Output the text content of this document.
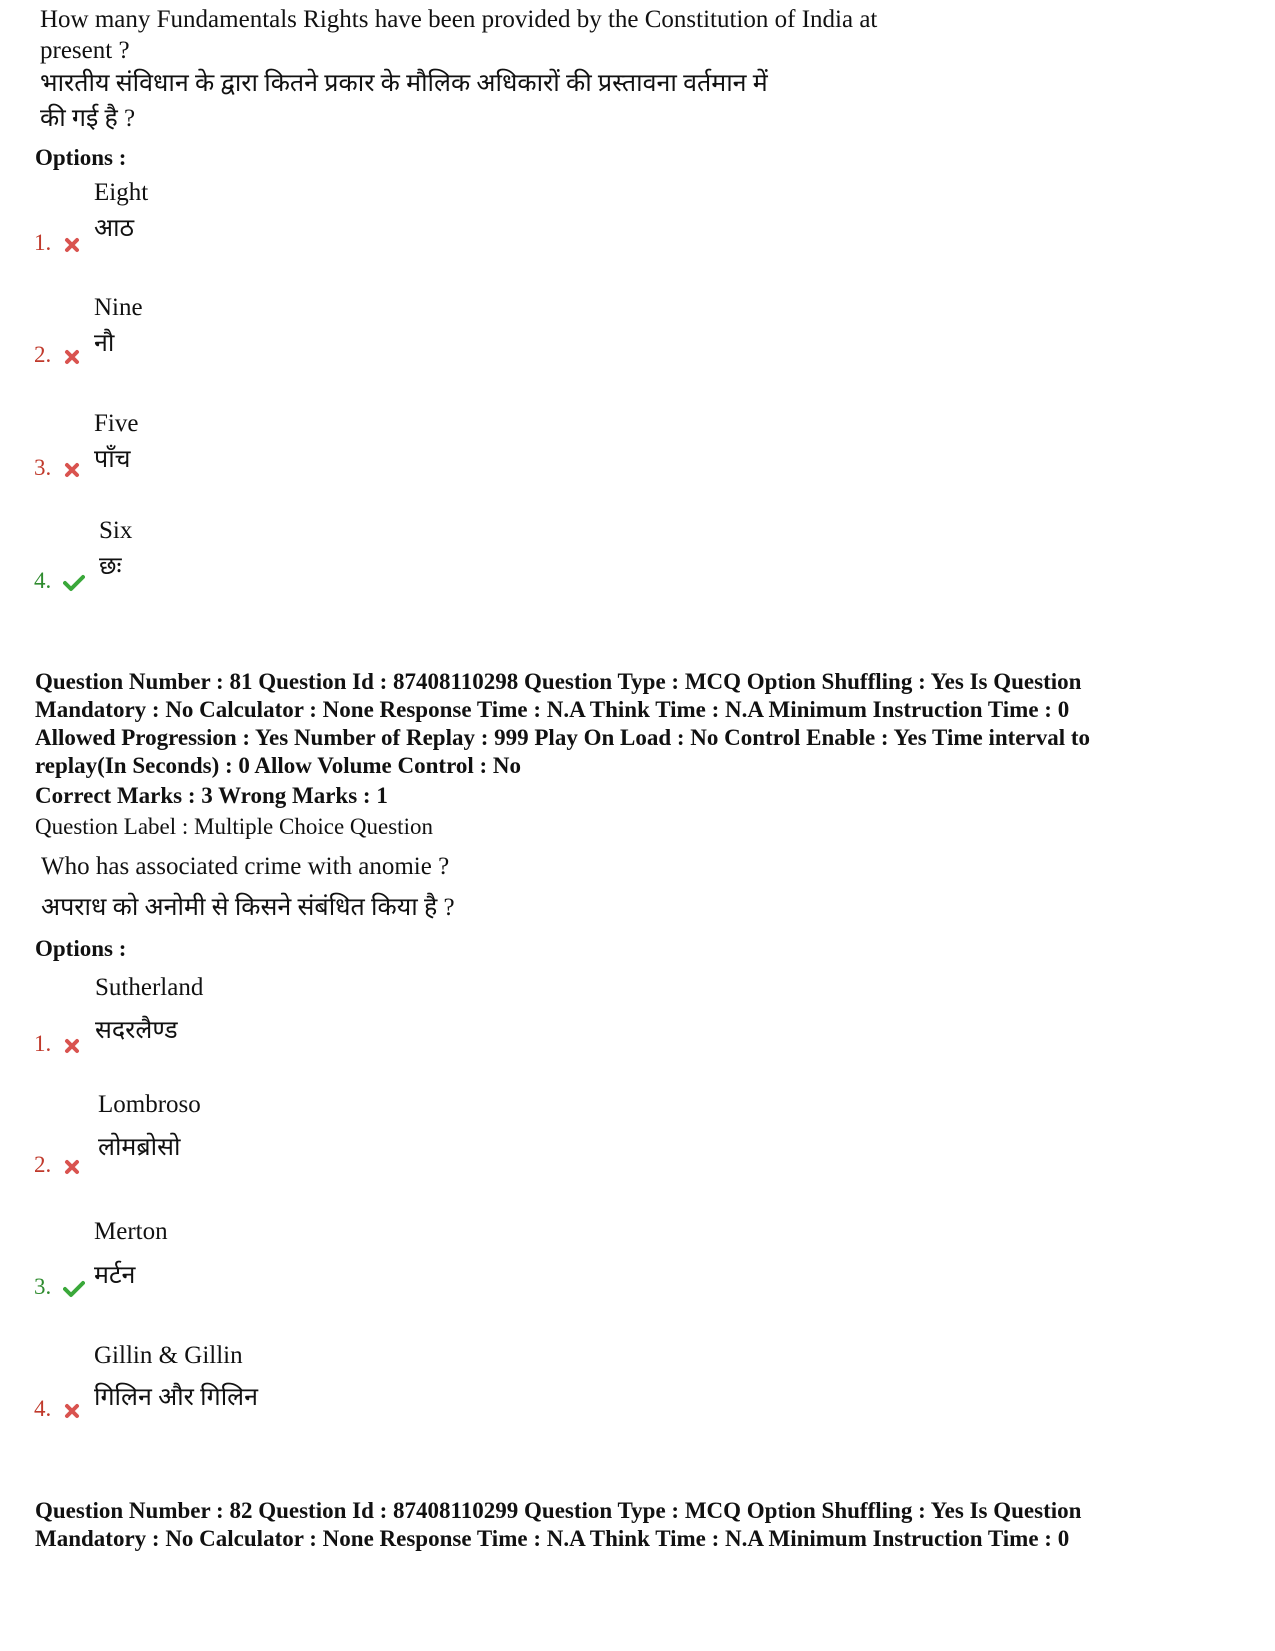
How many Fundamentals Rights have been provided by the Constitution of India at
present ?
भारतीय संविधान के द्वारा कितने प्रकार के मौलिक अधिकारों की प्रस्तावना वर्तमान में
की गई है ?
Options :
Eight
आठ
1.
Nine
नौ
2.
Five
पाँच
3.
Six
छः
4.
Question Number : 81 Question Id : 87408110298 Question Type : MCQ Option Shuffling : Yes Is Question
Mandatory : No Calculator : None Response Time : N.A Think Time : N.A Minimum Instruction Time : 0
Allowed Progression : Yes Number of Replay : 999 Play On Load : No Control Enable : Yes Time interval to
replay(In Seconds) : 0 Allow Volume Control : No
Correct Marks : 3 Wrong Marks : 1
Question Label : Multiple Choice Question
Who has associated crime with anomie ?
अपराध को अनोमी से किसने संबंधित किया है ?
Options :
Sutherland
सदरलैण्ड
1.
Lombroso
लोमब्रोसो
2.
Merton
मर्टन
3.
Gillin & Gillin
गिलिन और गिलिन
4.
Question Number : 82 Question Id : 87408110299 Question Type : MCQ Option Shuffling : Yes Is Question
Mandatory : No Calculator : None Response Time : N.A Think Time : N.A Minimum Instruction Time : 0
